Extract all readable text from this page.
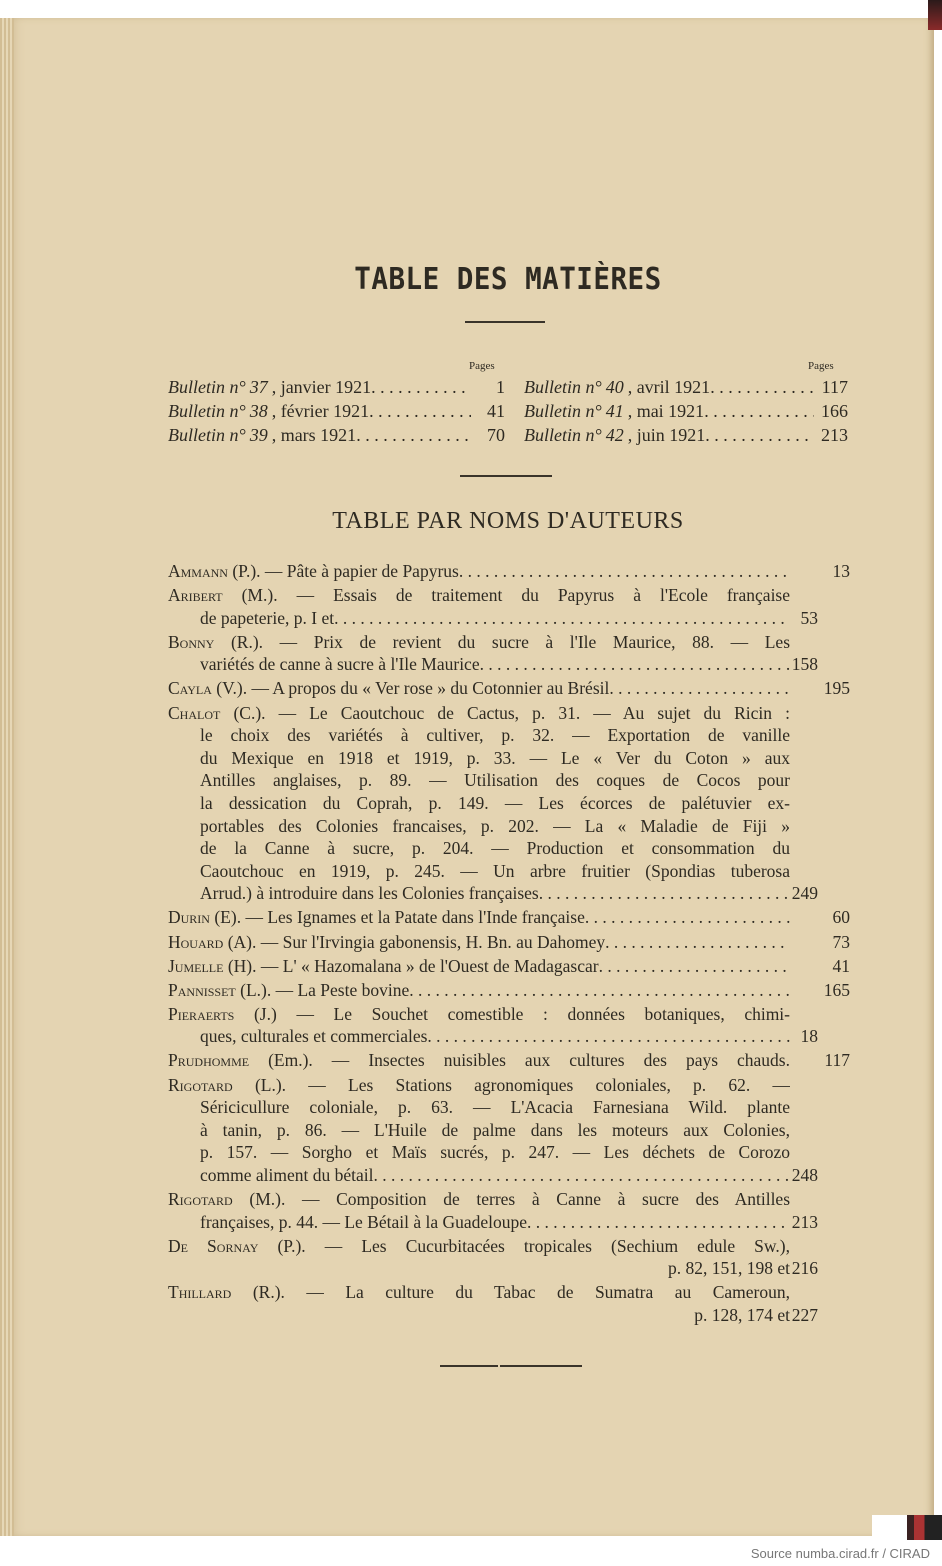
TABLE DES MATIÈRES
Pages	Pages
Bulletin n° 37 , janvier 1921 . . .	1
Bulletin n° 38 , février 1921 . . .	41
Bulletin n° 39 , mars 1921 . . .	70
Bulletin n° 40 , avril 1921 . . .	117
Bulletin n° 41 , mai 1921 . . .	166
Bulletin n° 42 , juin 1921 . . .	213
TABLE PAR NOMS D'AUTEURS
Ammann (P.). — Pâte à papier de Papyrus . . .	13
Aribert (M.). — Essais de traitement du Papyrus à l'Ecole française
de papeterie, p. I et . . .	53
Bonny (R.). — Prix de revient du sucre à l'Ile Maurice, 88. — Les
variétés de canne à sucre à l'Ile Maurice . . .	158
Cayla (V.). — A propos du « Ver rose » du Cotonnier au Brésil . . .	195
Chalot (C.). — Le Caoutchouc de Cactus, p. 31. — Au sujet du Ricin :
le choix des variétés à cultiver, p. 32. — Exportation de vanille
du Mexique en 1918 et 1919, p. 33. — Le « Ver du Coton » aux
Antilles anglaises, p. 89. — Utilisation des coques de Cocos pour
la dessication du Coprah, p. 149. — Les écorces de palétuvier ex-
portables des Colonies francaises, p. 202. — La « Maladie de Fiji »
de la Canne à sucre, p. 204. — Production et consommation du
Caoutchouc en 1919, p. 245. — Un arbre fruitier (Spondias tuberosa
Arrud.) à introduire dans les Colonies françaises . . .	249
Durin (E). — Les Ignames et la Patate dans l'Inde française . . .	60
Houard (A). — Sur l'Irvingia gabonensis, H. Bn. au Dahomey . . .	73
Jumelle (H). — L' « Hazomalana » de l'Ouest de Madagascar . . .	41
Pannisset (L.). — La Peste bovine . . .	165
Pieraerts (J.) — Le Souchet comestible : données botaniques, chimi-
ques, culturales et commerciales . . .	18
Prudhomme (Em.). — Insectes nuisibles aux cultures des pays chauds.	117
Rigotard (L.). — Les Stations agronomiques coloniales, p. 62. —
Séricicullure coloniale, p. 63. — L'Acacia Farnesiana Wild. plante
à tanin, p. 86. — L'Huile de palme dans les moteurs aux Colonies,
p. 157. — Sorgho et Maïs sucrés, p. 247. — Les déchets de Corozo
comme aliment du bétail . . .	248
Rigotard (M.). — Composition de terres à Canne à sucre des Antilles
françaises, p. 44. — Le Bétail à la Guadeloupe . . .	213
De Sornay (P.). — Les Cucurbitacées tropicales (Sechium edule Sw.),
p. 82, 151, 198 et 216
Thillard (R.). — La culture du Tabac de Sumatra au Cameroun,
p. 128, 174 et 227
Source numba.cirad.fr / CIRAD
